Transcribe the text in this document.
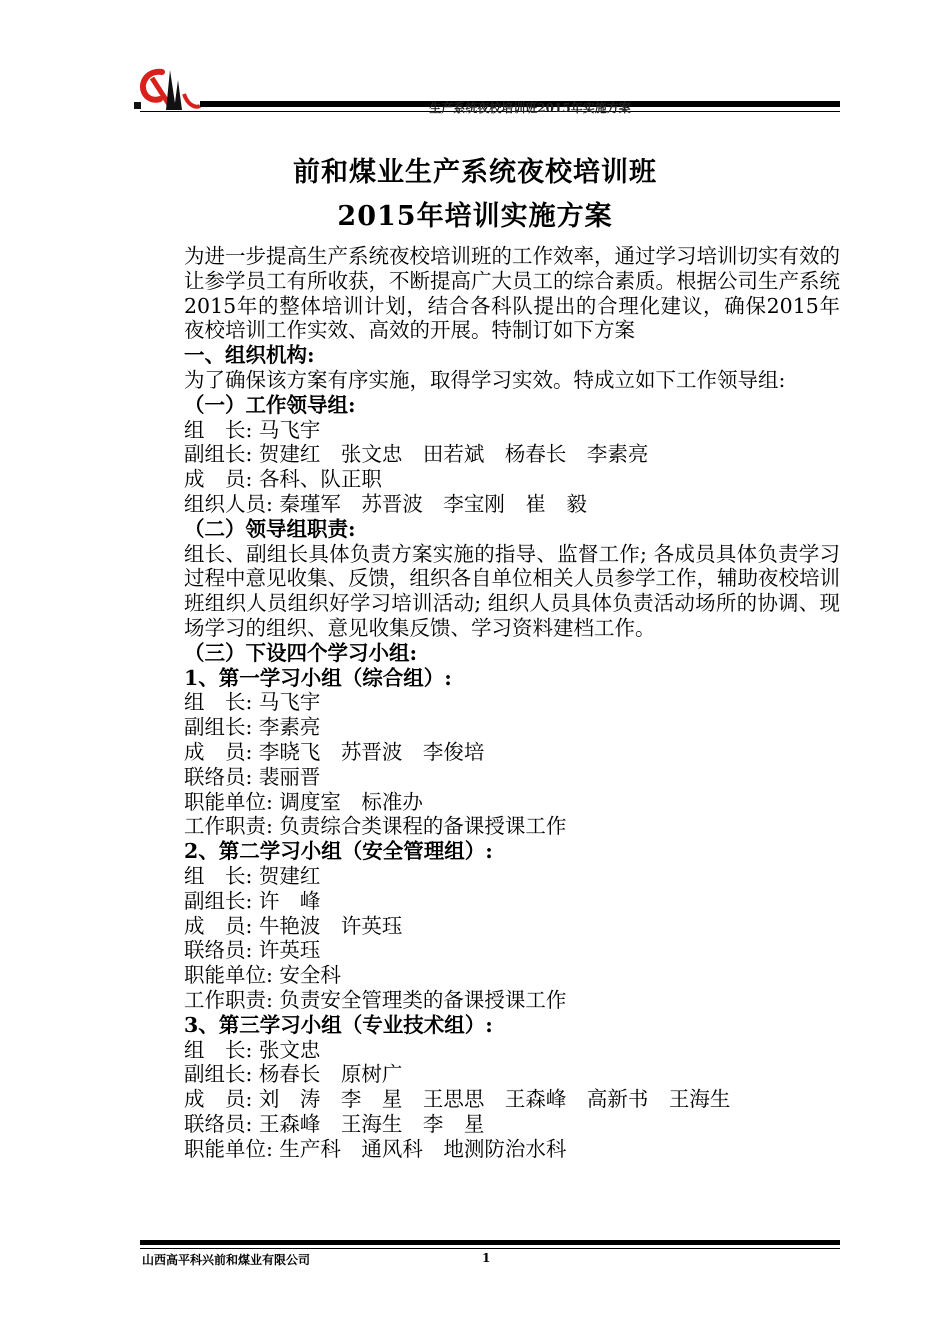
生产系统夜校培训班2015年实施方案
前和煤业生产系统夜校培训班
2015年培训实施方案

为进一步提高生产系统夜校培训班的工作效率，通过学习培训切实有效的让参学员工有所收获，不断提高广大员工的综合素质。根据公司生产系统2015年的整体培训计划，结合各科队提出的合理化建议，确保2015年夜校培训工作实效、高效的开展。特制订如下方案

一、组织机构:

为了确保该方案有序实施，取得学习实效。特成立如下工作领导组:

（一）工作领导组:

组　长: 马飞宇

副组长: 贺建红　张文忠　田若斌　杨春长　李素亮

成　员: 各科、队正职

组织人员: 秦瑾军　苏晋波　李宝刚　崔　毅

（二）领导组职责:

组长、副组长具体负责方案实施的指导、监督工作; 各成员具体负责学习过程中意见收集、反馈，组织各自单位相关人员参学工作，辅助夜校培训班组织人员组织好学习培训活动; 组织人员具体负责活动场所的协调、现场学习的组织、意见收集反馈、学习资料建档工作。

（三）下设四个学习小组:

1、第一学习小组（综合组）:

组　长: 马飞宇

副组长: 李素亮

成　员: 李晓飞　苏晋波　李俊培

联络员: 裴丽晋

职能单位: 调度室　标准办

工作职责: 负责综合类课程的备课授课工作

2、第二学习小组（安全管理组）:

组　长: 贺建红

副组长: 许　峰

成　员: 牛艳波　许英珏

联络员: 许英珏

职能单位: 安全科

工作职责: 负责安全管理类的备课授课工作

3、第三学习小组（专业技术组）:

组　长: 张文忠

副组长: 杨春长　原树广

成　员: 刘　涛　李　星　王思思　王森峰　高新书　王海生

联络员: 王森峰　王海生　李　星

职能单位: 生产科　通风科　地测防治水科

山西高平科兴前和煤业有限公司	1
